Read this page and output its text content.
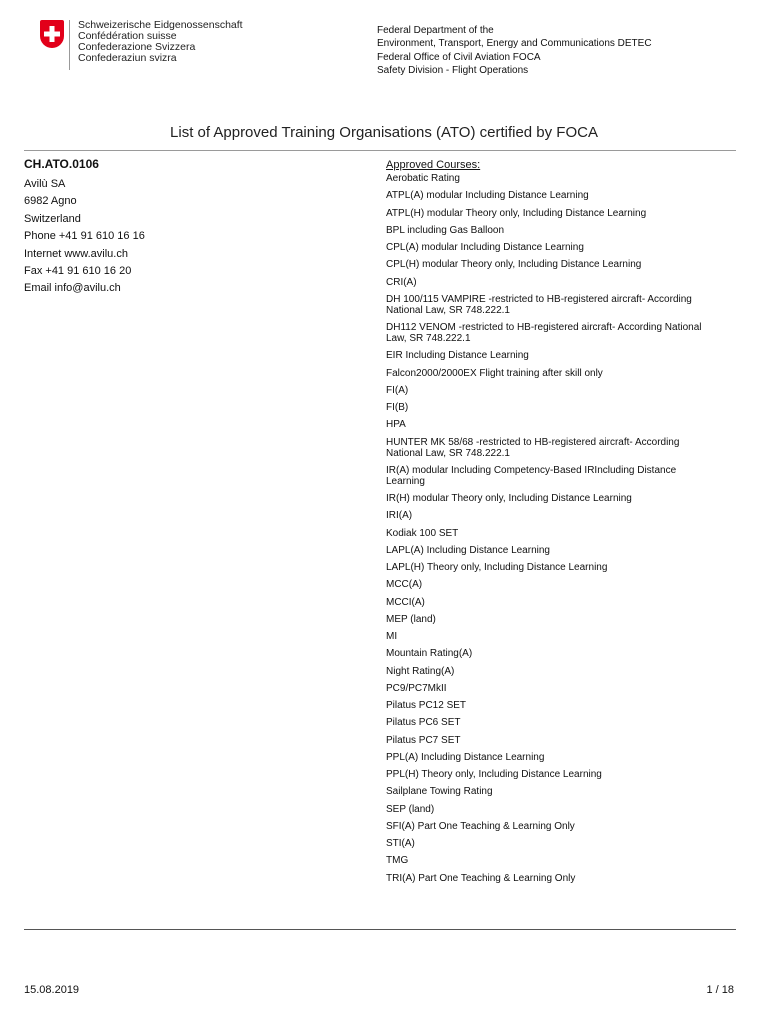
Schweizerische Eidgenossenschaft
Confédération suisse
Confederazione Svizzera
Confederaziun svizra
Federal Department of the
Environment, Transport, Energy and Communications DETEC
Federal Office of Civil Aviation FOCA
Safety Division - Flight Operations
List of Approved Training Organisations (ATO) certified by FOCA
CH.ATO.0106
Avilù SA
6982 Agno
Switzerland
Phone +41 91 610 16 16
Internet www.avilu.ch
Fax +41 91 610 16 20
Email info@avilu.ch
Approved Courses:
Aerobatic Rating
ATPL(A) modular Including Distance Learning
ATPL(H) modular Theory only, Including Distance Learning
BPL including Gas Balloon
CPL(A) modular Including Distance Learning
CPL(H) modular Theory only, Including Distance Learning
CRI(A)
DH 100/115 VAMPIRE -restricted to HB-registered aircraft- According National Law, SR 748.222.1
DH112 VENOM -restricted to HB-registered aircraft- According National Law, SR 748.222.1
EIR Including Distance Learning
Falcon2000/2000EX Flight training after skill only
FI(A)
FI(B)
HPA
HUNTER MK 58/68 -restricted to HB-registered aircraft- According National Law, SR 748.222.1
IR(A) modular Including Competency-Based IRIncluding Distance Learning
IR(H) modular Theory only, Including Distance Learning
IRI(A)
Kodiak 100 SET
LAPL(A) Including Distance Learning
LAPL(H) Theory only, Including Distance Learning
MCC(A)
MCCI(A)
MEP (land)
MI
Mountain Rating(A)
Night Rating(A)
PC9/PC7MkII
Pilatus PC12 SET
Pilatus PC6 SET
Pilatus PC7 SET
PPL(A) Including Distance Learning
PPL(H) Theory only, Including Distance Learning
Sailplane Towing Rating
SEP (land)
SFI(A) Part One Teaching & Learning Only
STI(A)
TMG
TRI(A) Part One Teaching & Learning Only
15.08.2019	1 / 18
